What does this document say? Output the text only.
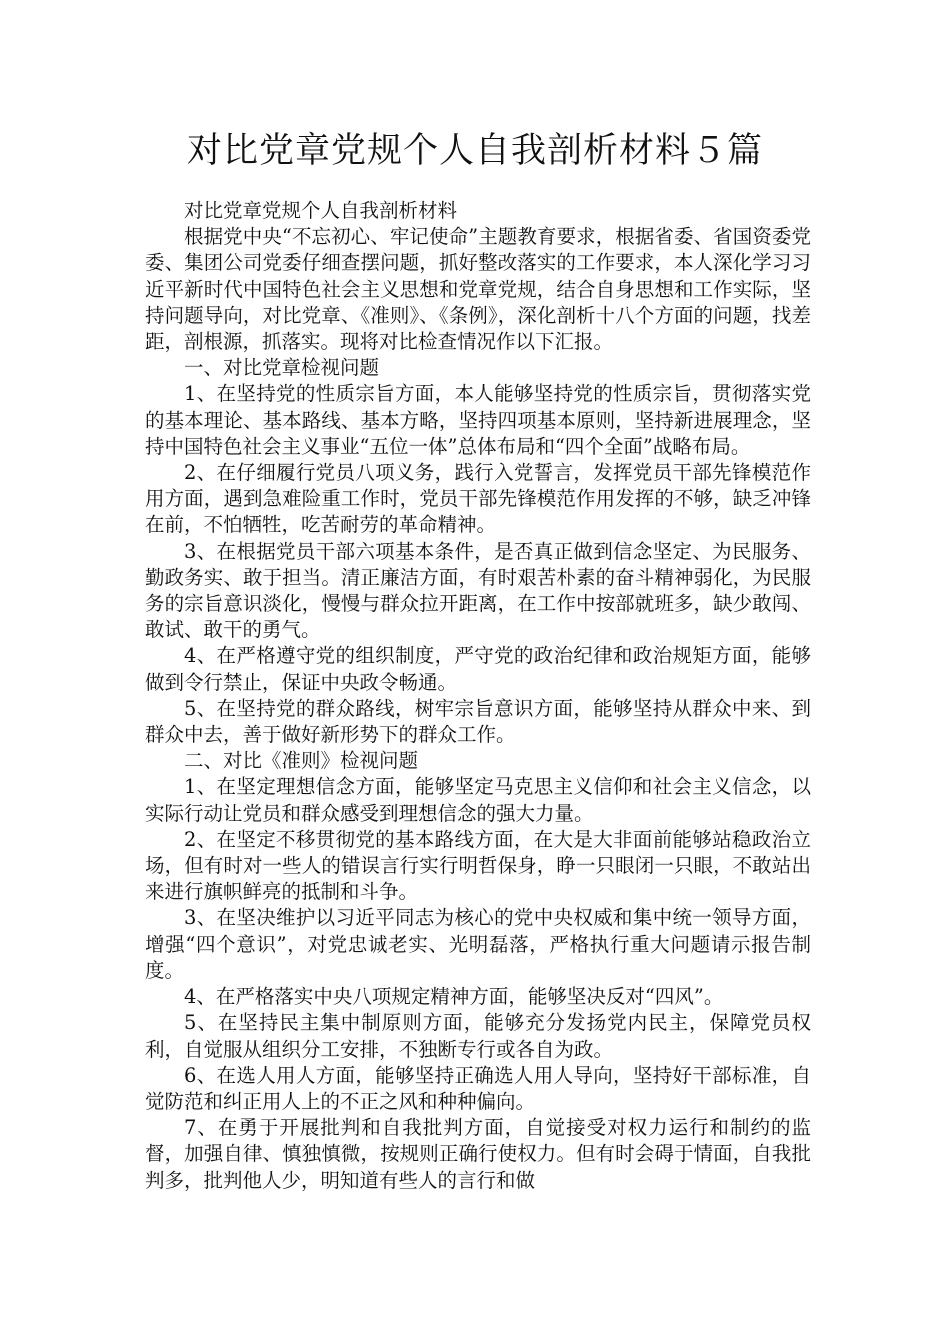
对比党章党规个人自我剖析材料５篇

对比党章党规个人自我剖析材料

根据党中央“不忘初心、牢记使命”主题教育要求，根据省委、省国资委党委、集团公司党委仔细查摆问题，抓好整改落实的工作要求，本人深化学习习近平新时代中国特色社会主义思想和党章党规，结合自身思想和工作实际，坚持问题导向，对比党章、《准则》、《条例》，深化剖析十八个方面的问题，找差距，剖根源，抓落实。现将对比检查情况作以下汇报。

一、对比党章检视问题

1、在坚持党的性质宗旨方面，本人能够坚持党的性质宗旨，贯彻落实党的基本理论、基本路线、基本方略，坚持四项基本原则，坚持新进展理念，坚持中国特色社会主义事业“五位一体”总体布局和“四个全面”战略布局。

2、在仔细履行党员八项义务，践行入党誓言，发挥党员干部先锋模范作用方面，遇到急难险重工作时，党员干部先锋模范作用发挥的不够，缺乏冲锋在前，不怕牺牲，吃苦耐劳的革命精神。

3、在根据党员干部六项基本条件，是否真正做到信念坚定、为民服务、勤政务实、敢于担当。清正廉洁方面，有时艰苦朴素的奋斗精神弱化，为民服务的宗旨意识淡化，慢慢与群众拉开距离，在工作中按部就班多，缺少敢闯、敢试、敢干的勇气。

4、在严格遵守党的组织制度，严守党的政治纪律和政治规矩方面，能够做到令行禁止，保证中央政令畅通。

5、在坚持党的群众路线，树牢宗旨意识方面，能够坚持从群众中来、到群众中去，善于做好新形势下的群众工作。

二、对比《准则》检视问题

1、在坚定理想信念方面，能够坚定马克思主义信仰和社会主义信念，以实际行动让党员和群众感受到理想信念的强大力量。

2、在坚定不移贯彻党的基本路线方面，在大是大非面前能够站稳政治立场，但有时对一些人的错误言行实行明哲保身，睁一只眼闭一只眼，不敢站出来进行旗帜鲜亮的抵制和斗争。

3、在坚决维护以习近平同志为核心的党中央权威和集中统一领导方面，增强“四个意识”，对党忠诚老实、光明磊落，严格执行重大问题请示报告制度。

4、在严格落实中央八项规定精神方面，能够坚决反对“四风”。

5、在坚持民主集中制原则方面，能够充分发扬党内民主，保障党员权利，自觉服从组织分工安排，不独断专行或各自为政。

6、在选人用人方面，能够坚持正确选人用人导向，坚持好干部标准，自觉防范和纠正用人上的不正之风和种种偏向。

7、在勇于开展批判和自我批判方面，自觉接受对权力运行和制约的监督，加强自律、慎独慎微，按规则正确行使权力。但有时会碍于情面，自我批判多，批判他人少，明知道有些人的言行和做
